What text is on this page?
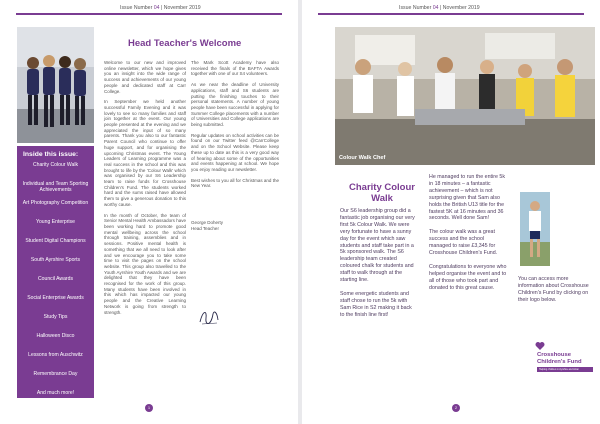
Issue Number 04 | November 2019
Inside this issue:
Charity Colour Walk
Individual and Team Sporting Achievements
Art Photography Competition
Young Enterprise
Student Digital Champions
South Ayrshire Sports
Council Awards
Social Enterprise Awards
Study Tips
Halloween Disco
Lessons from Auschwitz
Remembrance Day
And much more!
Head Teacher's Welcome

Welcome to our new and improved online newsletter, which we hope gives you an insight into the wide range of success and achievements of our young people and dedicated staff at Carr College.

In September we held another successful Family Evening and it was lovely to see so many families and staff join together at the event. Our young people presented at the evening and we appreciated the input of so many parents. Thank you also to our fantastic Parent Council who continue to offer huge support, and for organising the upcoming Christmas event. The Young Leaders of Learning programme was a real success in the school and this was brought to life by the 'Colour Walk' which was organised by our S6 Leadership team to raise funds for Crosshouse Children's Fund. The students worked hard and the sums raised have allowed them to give a generous donation to this worthy cause.

In the month of October, the team of Senior Mental Health Ambassadors have been working hard to promote good mental wellbeing across the school through training, assemblies and in sessions. Positive mental health is something that we all need to look after and we encourage you to take some time to visit the pages on the school website. This group also travelled to the Youth Ayrshire Youth Awards and we are delighted that they have been recognised for the work of this group. Many students have been involved in this which has impacted our young people and the Creative Learning Network is going from strength to strength.

The Mark Scott Academy have also received the finals of the BAFTA Awards together with one of our S4 volunteers.

As we near the deadline of University applications, staff and S6 students are putting the finishing touches to their personal statements. A number of young people have been successful in applying for Summer College placements with a number of Universities and College applications are being submitted.

Regular updates on school activities can be found on our Twitter feed @CarrCollege and on the School Website. Please keep these up to date as this is a very good way of hearing about some of the opportunities and events happening at school. We hope you enjoy reading our newsletter.

Best wishes to you all for Christmas and the New Year.

George Doherty

Head Teacher

1
Issue Number 04 | November 2019
Colour Walk Chef
Charity Colour
Walk

Our S6 leadership group did a fantastic job organising our very first 5k Colour Walk. We were very fortunate to have a sunny day for the event which saw students and staff take part in a 5k sponsored walk. The S6 leadership team created coloured chalk for students and staff to walk through at the starting line.

Some energetic students and staff chose to run the 5k with Sam Rice in S2 making it back to the finish line first!

He managed to run the entire 5k in 18 minutes – a fantastic achievement – which is not surprising given that Sam also holds the British U13 title for the fastest 5K at 16 minutes and 36 seconds. Well done Sam!

The colour walk was a great success and the school managed to raise £3,345 for Crosshouse Children's Fund.

Congratulations to everyone who helped organise the event and to all of those who took part and donated to this great cause.

You can access more information about Crosshouse Children's Fund by clicking on their logo below.

Crosshouse
Children's Fund
Helping children in Ayrshire and Arran
2
